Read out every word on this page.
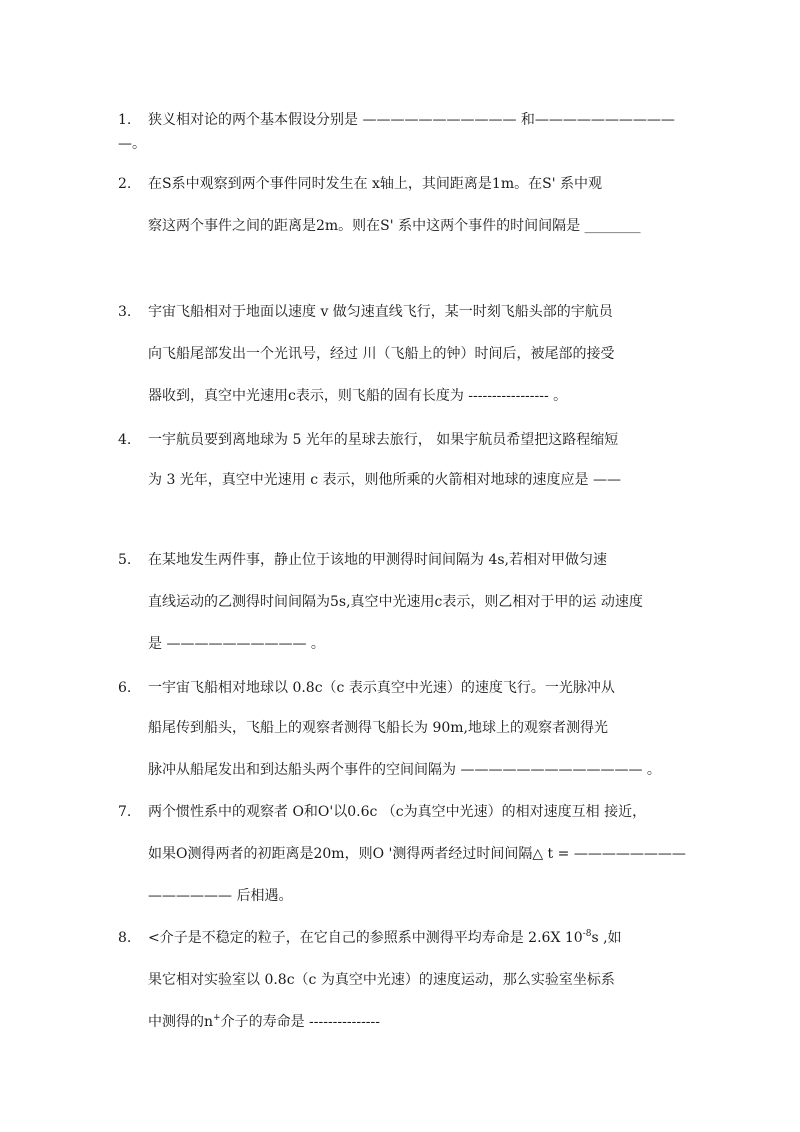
1. 狭义相对论的两个基本假设分别是 ——————————— 和——————————
—。
2. 在S系中观察到两个事件同时发生在 x轴上，其间距离是1m。在S' 系中观
察这两个事件之间的距离是2m。则在S' 系中这两个事件的时间间隔是 ________
3. 宇宙飞船相对于地面以速度 v 做匀速直线飞行，某一时刻飞船头部的宇航员
向飞船尾部发出一个光讯号，经过 川（飞船上的钟）时间后，被尾部的接受
器收到，真空中光速用c表示，则飞船的固有长度为 ----------------- 。
4. 一宇航员要到离地球为 5 光年的星球去旅行， 如果宇航员希望把这路程缩短
为 3 光年，真空中光速用 c 表示，则他所乘的火箭相对地球的速度应是 ——
5. 在某地发生两件事，静止位于该地的甲测得时间间隔为 4s,若相对甲做匀速
直线运动的乙测得时间间隔为5s,真空中光速用c表示，则乙相对于甲的运 动速度
是 —————————— 。
6. 一宇宙飞船相对地球以 0.8c（c 表示真空中光速）的速度飞行。一光脉冲从
船尾传到船头，飞船上的观察者测得飞船长为 90m,地球上的观察者测得光
脉冲从船尾发出和到达船头两个事件的空间间隔为 ————————————— 。
7. 两个惯性系中的观察者 O和O'以0.6c （c为真空中光速）的相对速度互相 接近，
如果O测得两者的初距离是20m，则O '测得两者经过时间间隔△ t = ————————
—————— 后相遇。
8. <介子是不稳定的粒子，在它自己的参照系中测得平均寿命是 2.6X $10^{-8}s$ ,如
果它相对实验室以 0.8c（c 为真空中光速）的速度运动，那么实验室坐标系
中测得的n+介子的寿命是 ---------------
